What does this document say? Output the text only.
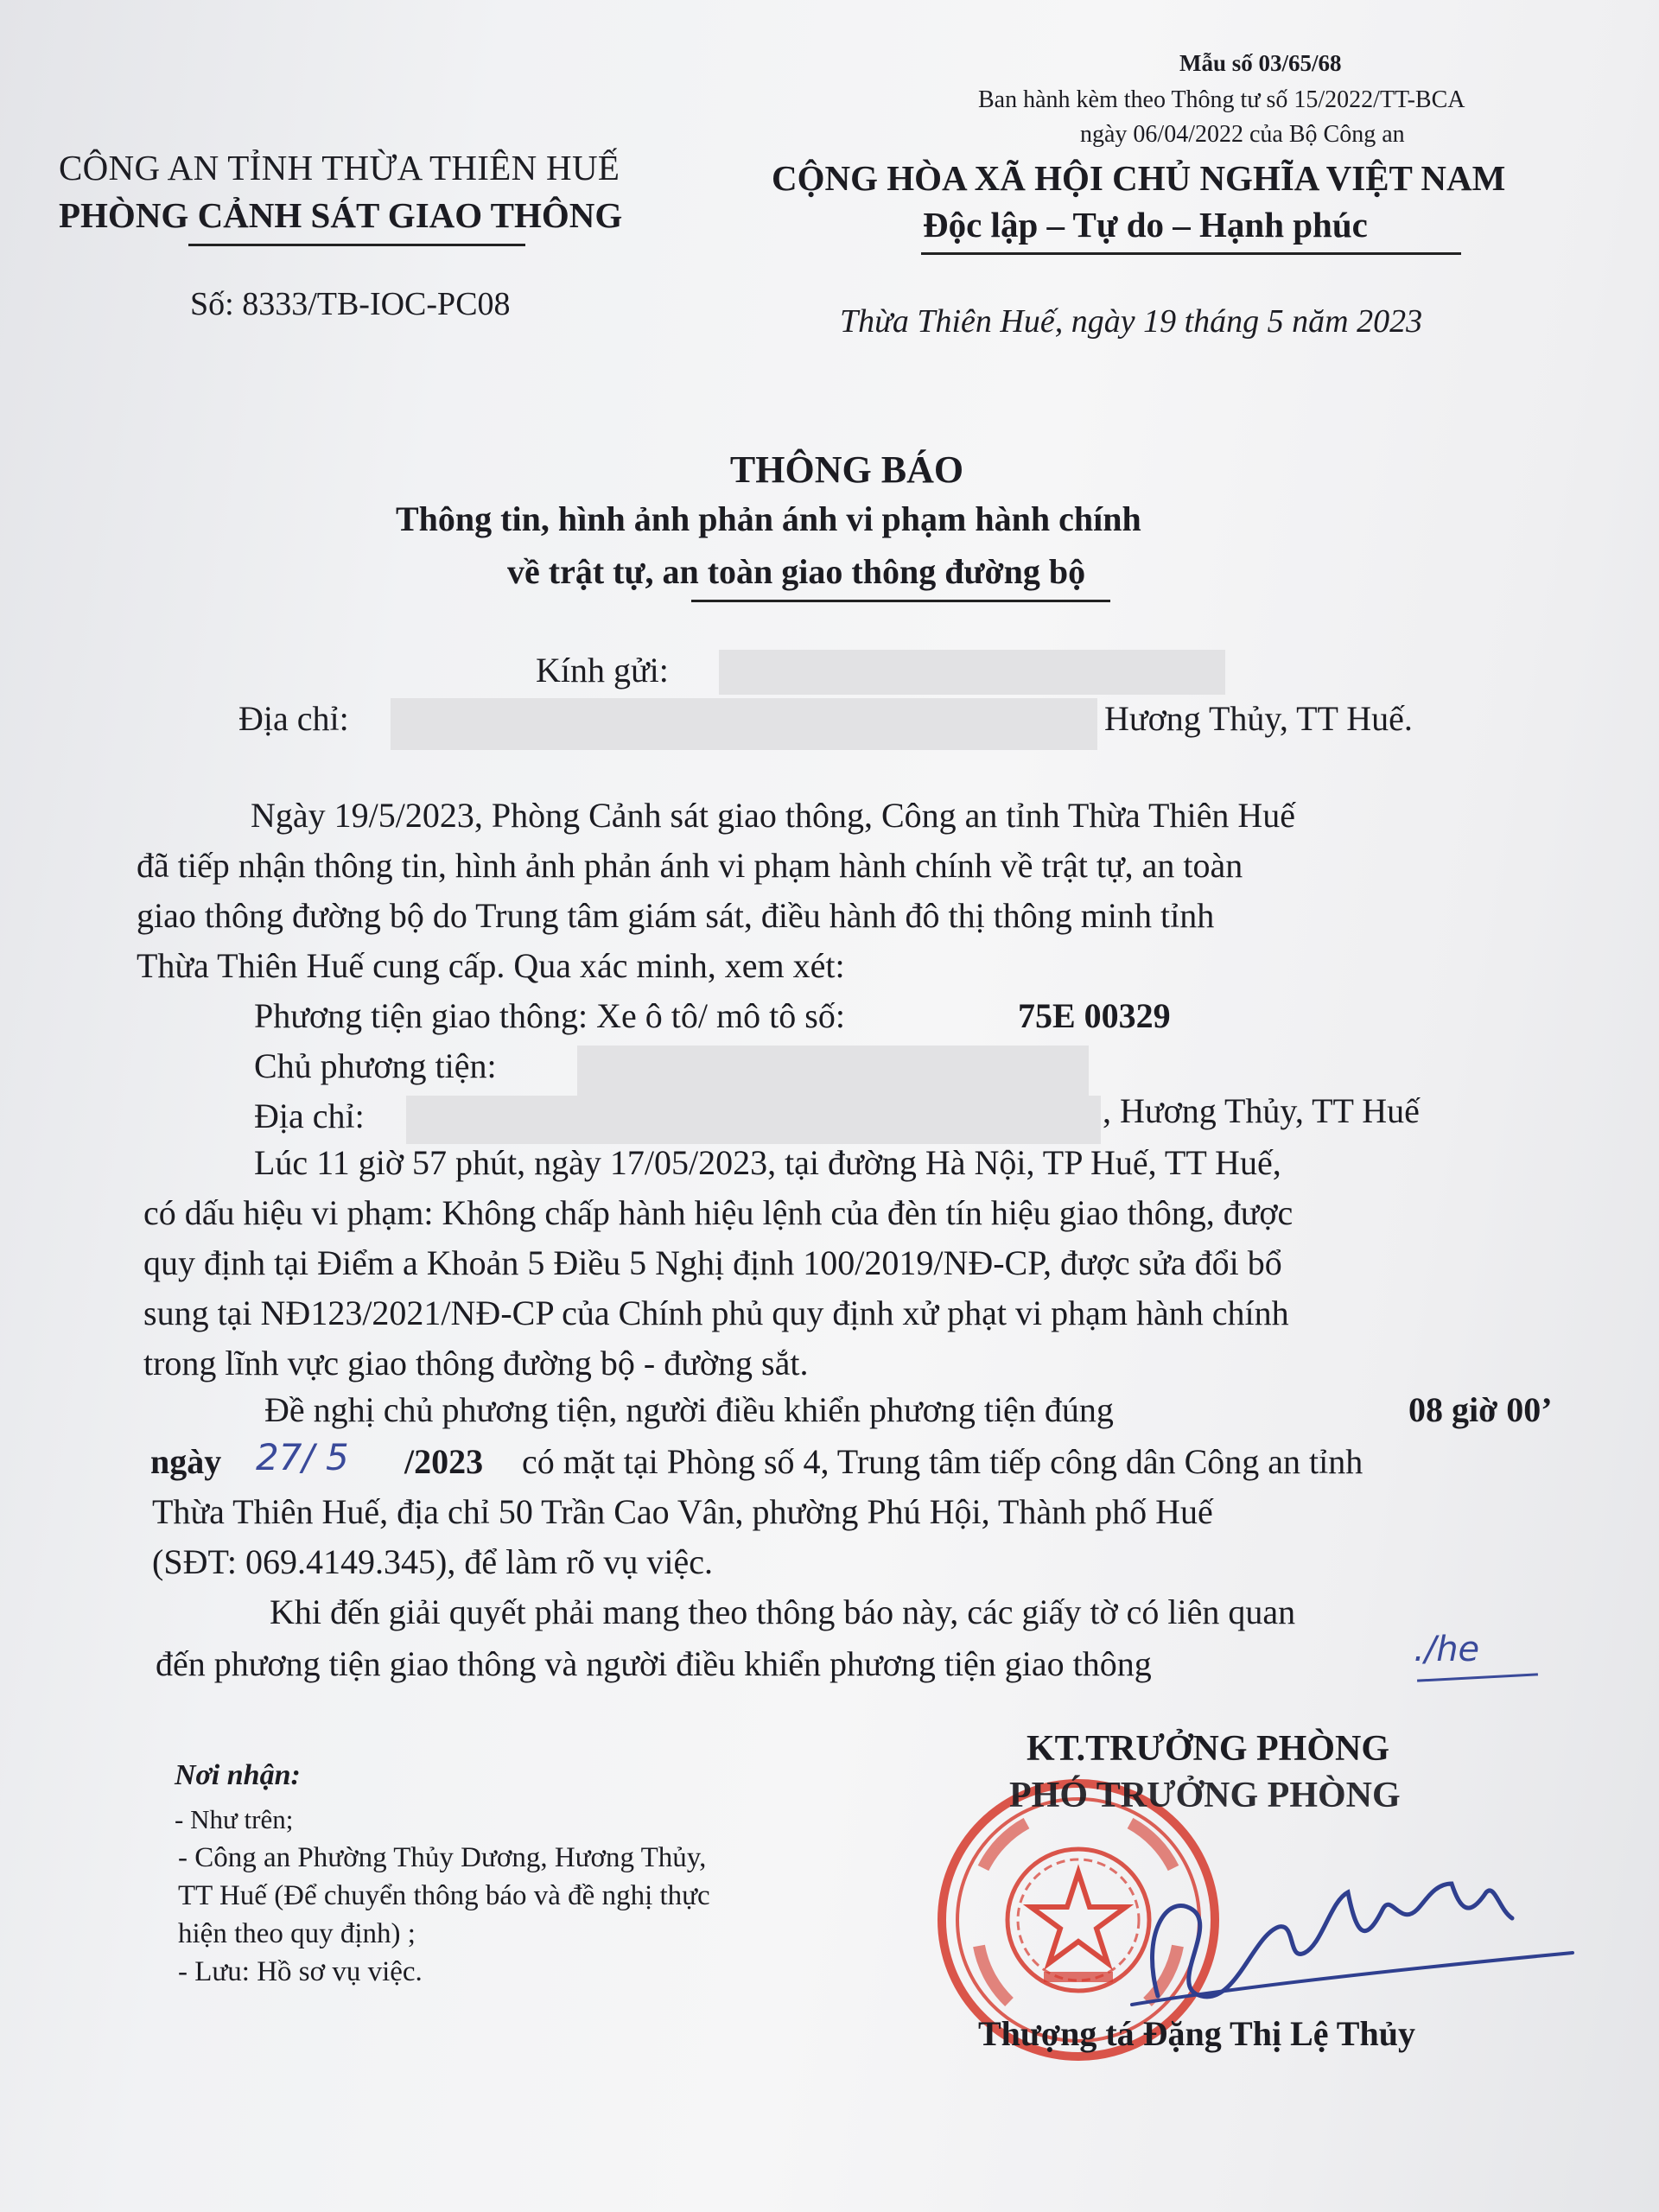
Mẫu số 03/65/68
Ban hành kèm theo Thông tư số 15/2022/TT-BCA
ngày 06/04/2022 của Bộ Công an
CÔNG AN TỈNH THỪA THIÊN HUẾ
PHÒNG CẢNH SÁT GIAO THÔNG
Số: 8333/TB-IOC-PC08
CỘNG HÒA XÃ HỘI CHỦ NGHĨA VIỆT NAM
Độc lập – Tự do – Hạnh phúc
Thừa Thiên Huế, ngày 19 tháng 5 năm 2023
THÔNG BÁO
Thông tin, hình ảnh phản ánh vi phạm hành chính
về trật tự, an toàn giao thông đường bộ
Kính gửi:
Địa chỉ:	Hương Thủy, TT Huế.
Ngày 19/5/2023, Phòng Cảnh sát giao thông, Công an tỉnh Thừa Thiên Huế
đã tiếp nhận thông tin, hình ảnh phản ánh vi phạm hành chính về trật tự, an toàn
giao thông đường bộ do Trung tâm giám sát, điều hành đô thị thông minh tỉnh
Thừa Thiên Huế cung cấp. Qua xác minh, xem xét:
Phương tiện giao thông: Xe ô tô/ mô tô số:	75E 00329
Chủ phương tiện:
Địa chỉ:	, Hương Thủy, TT Huế
Lúc 11 giờ 57 phút, ngày 17/05/2023, tại đường Hà Nội, TP Huế, TT Huế,
có dấu hiệu vi phạm: Không chấp hành hiệu lệnh của đèn tín hiệu giao thông, được
quy định tại Điểm a Khoản 5 Điều 5 Nghị định 100/2019/NĐ-CP, được sửa đổi bổ
sung tại NĐ123/2021/NĐ-CP của Chính phủ quy định xử phạt vi phạm hành chính
trong lĩnh vực giao thông đường bộ - đường sắt.
Đề nghị chủ phương tiện, người điều khiển phương tiện đúng	08 giờ 00’
ngày 27/ 5 /2023 có mặt tại Phòng số 4, Trung tâm tiếp công dân Công an tỉnh
Thừa Thiên Huế, địa chỉ 50 Trần Cao Vân, phường Phú Hội, Thành phố Huế
(SĐT: 069.4149.345), để làm rõ vụ việc.
Khi đến giải quyết phải mang theo thông báo này, các giấy tờ có liên quan
đến phương tiện giao thông và người điều khiển phương tiện giao thông	./he
Nơi nhận:
- Như trên;
- Công an Phường Thủy Dương, Hương Thủy,
TT Huế (Để chuyển thông báo và đề nghị thực
hiện theo quy định) ;
- Lưu: Hồ sơ vụ việc.
KT.TRƯỞNG PHÒNG
PHÓ TRƯỞNG PHÒNG
Thượng tá Đặng Thị Lệ Thủy
